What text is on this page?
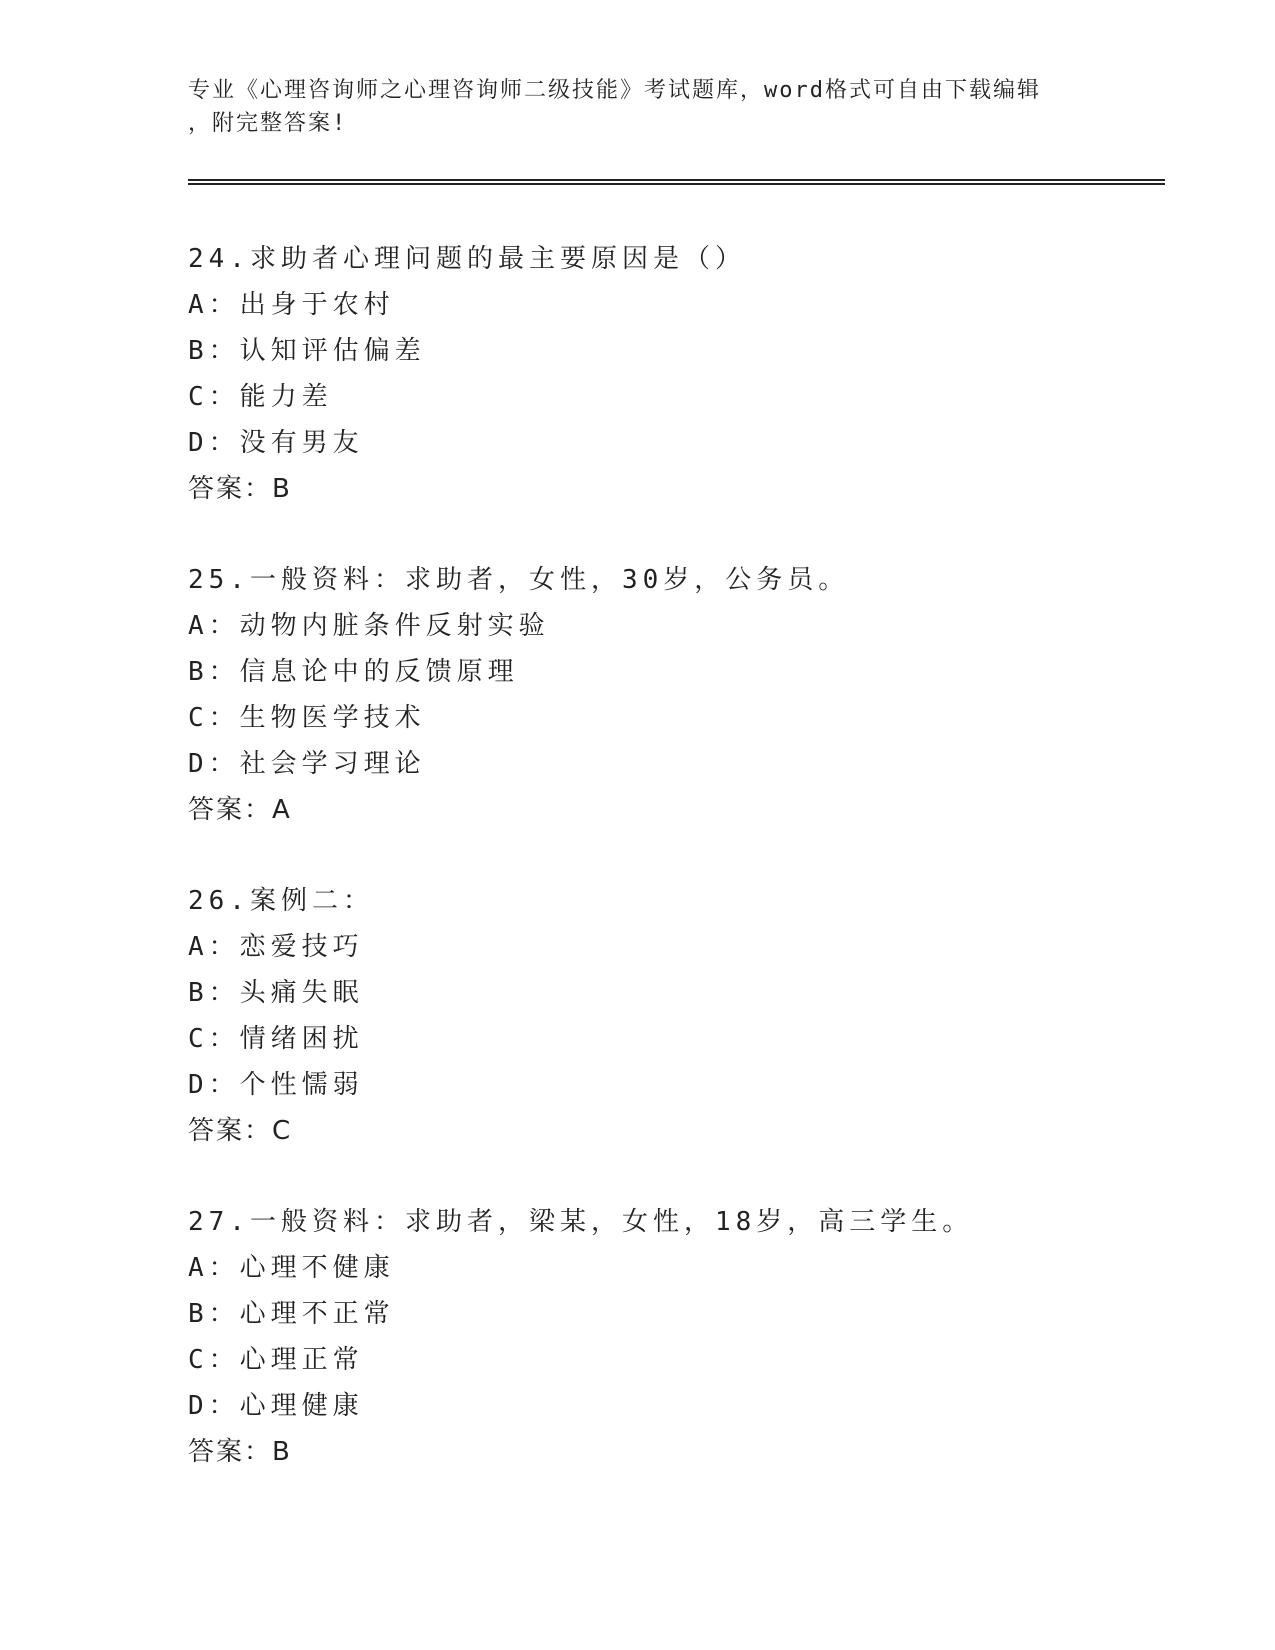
专业《心理咨询师之心理咨询师二级技能》考试题库，word格式可自由下载编辑
，附完整答案!
24.求助者心理问题的最主要原因是（）
A：出身于农村
B：认知评估偏差
C：能力差
D：没有男友
答案：B
25.一般资料：求助者，女性，30岁，公务员。
A：动物内脏条件反射实验
B：信息论中的反馈原理
C：生物医学技术
D：社会学习理论
答案：A
26.案例二：
A：恋爱技巧
B：头痛失眠
C：情绪困扰
D：个性懦弱
答案：C
27.一般资料：求助者，梁某，女性，18岁，高三学生。
A：心理不健康
B：心理不正常
C：心理正常
D：心理健康
答案：B
